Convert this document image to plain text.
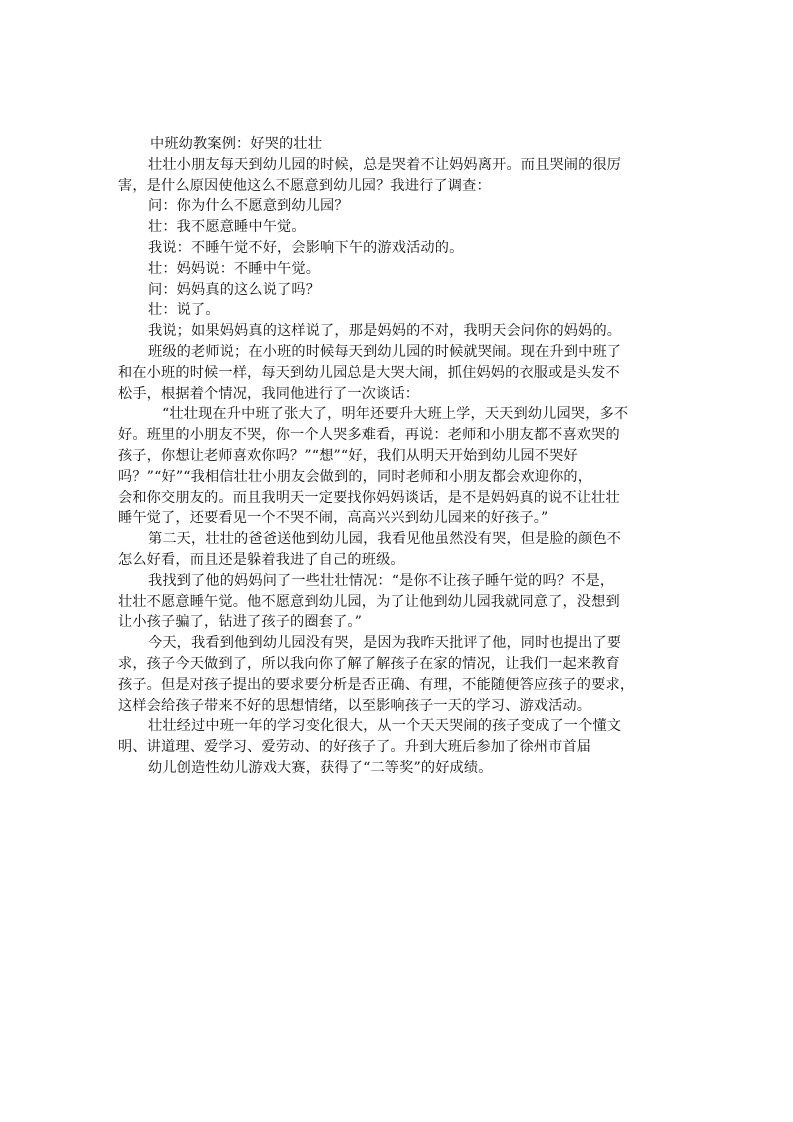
中班幼教案例：好哭的壮壮
壮壮小朋友每天到幼儿园的时候，总是哭着不让妈妈离开。而且哭闹的很厉
害，是什么原因使他这么不愿意到幼儿园？我进行了调查：
问：你为什么不愿意到幼儿园？
壮：我不愿意睡中午觉。
我说：不睡午觉不好，会影响下午的游戏活动的。
壮：妈妈说：不睡中午觉。
问：妈妈真的这么说了吗？
壮：说了。
我说；如果妈妈真的这样说了，那是妈妈的不对，我明天会问你的妈妈的。
班级的老师说；在小班的时候每天到幼儿园的时候就哭闹。现在升到中班了
和在小班的时候一样，每天到幼儿园总是大哭大闹，抓住妈妈的衣服或是头发不
松手，根据着个情况，我同他进行了一次谈话：
“壮壮现在升中班了张大了，明年还要升大班上学，天天到幼儿园哭，多不
好。班里的小朋友不哭，你一个人哭多难看，再说：老师和小朋友都不喜欢哭的
孩子，你想让老师喜欢你吗？”“想”“好，我们从明天开始到幼儿园不哭好
吗？”“好”“我相信壮壮小朋友会做到的，同时老师和小朋友都会欢迎你的，
会和你交朋友的。而且我明天一定要找你妈妈谈话，是不是妈妈真的说不让壮壮
睡午觉了，还要看见一个不哭不闹，高高兴兴到幼儿园来的好孩子。”
第二天，壮壮的爸爸送他到幼儿园，我看见他虽然没有哭，但是脸的颜色不
怎么好看，而且还是躲着我进了自己的班级。
我找到了他的妈妈问了一些壮壮情况：“是你不让孩子睡午觉的吗？不是，
壮壮不愿意睡午觉。他不愿意到幼儿园，为了让他到幼儿园我就同意了，没想到
让小孩子骗了，钻进了孩子的圈套了。”
今天，我看到他到幼儿园没有哭，是因为我昨天批评了他，同时也提出了要
求，孩子今天做到了，所以我向你了解了解孩子在家的情况，让我们一起来教育
孩子。但是对孩子提出的要求要分析是否正确、有理，不能随便答应孩子的要求，
这样会给孩子带来不好的思想情绪，以至影响孩子一天的学习、游戏活动。
壮壮经过中班一年的学习变化很大，从一个天天哭闹的孩子变成了一个懂文
明、讲道理、爱学习、爱劳动、的好孩子了。升到大班后参加了徐州市首届
幼儿创造性幼儿游戏大赛，获得了“二等奖”的好成绩。
